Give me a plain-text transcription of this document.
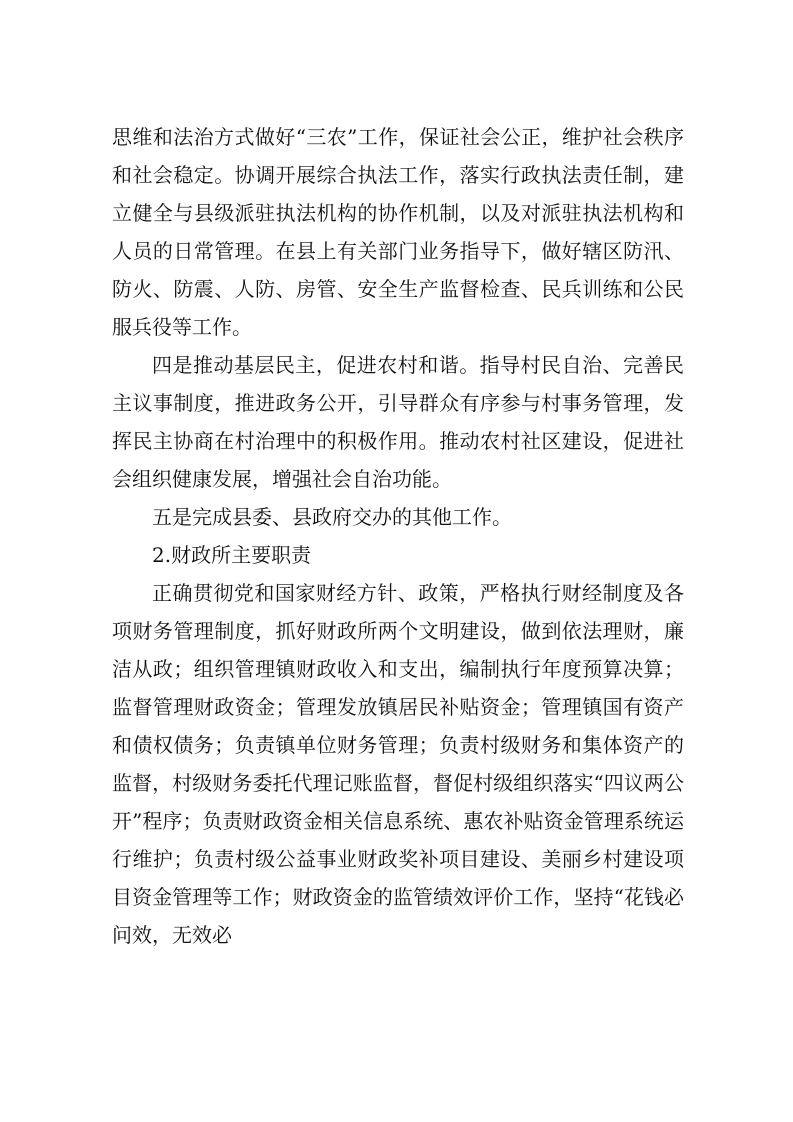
思维和法治方式做好“三农”工作，保证社会公正，维护社会秩序和社会稳定。协调开展综合执法工作，落实行政执法责任制，建立健全与县级派驻执法机构的协作机制，以及对派驻执法机构和人员的日常管理。在县上有关部门业务指导下，做好辖区防汛、防火、防震、人防、房管、安全生产监督检查、民兵训练和公民服兵役等工作。

四是推动基层民主，促进农村和谐。指导村民自治、完善民主议事制度，推进政务公开，引导群众有序参与村事务管理，发挥民主协商在村治理中的积极作用。推动农村社区建设，促进社会组织健康发展，增强社会自治功能。

五是完成县委、县政府交办的其他工作。

2.财政所主要职责

正确贯彻党和国家财经方针、政策，严格执行财经制度及各项财务管理制度，抓好财政所两个文明建设，做到依法理财，廉洁从政；组织管理镇财政收入和支出，编制执行年度预算决算；监督管理财政资金；管理发放镇居民补贴资金；管理镇国有资产和债权债务；负责镇单位财务管理；负责村级财务和集体资产的监督，村级财务委托代理记账监督，督促村级组织落实“四议两公开”程序；负责财政资金相关信息系统、惠农补贴资金管理系统运行维护；负责村级公益事业财政奖补项目建设、美丽乡村建设项目资金管理等工作；财政资金的监管绩效评价工作，坚持“花钱必问效，无效必
